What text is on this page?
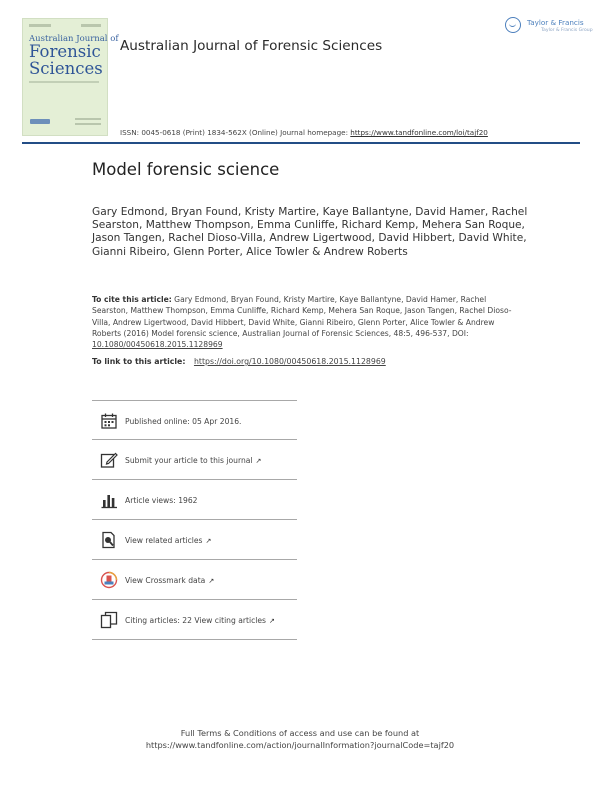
Australian Journal of
Forensic
Sciences
Australian Journal of Forensic Sciences
Taylor & Francis
Taylor & Francis Group
ISSN: 0045-0618 (Print) 1834-562X (Online) Journal homepage: https://www.tandfonline.com/loi/tajf20
Model forensic science
Gary Edmond, Bryan Found, Kristy Martire, Kaye Ballantyne, David Hamer, Rachel Searston, Matthew Thompson, Emma Cunliffe, Richard Kemp, Mehera San Roque, Jason Tangen, Rachel Dioso-Villa, Andrew Ligertwood, David Hibbert, David White, Gianni Ribeiro, Glenn Porter, Alice Towler & Andrew Roberts
To cite this article: Gary Edmond, Bryan Found, Kristy Martire, Kaye Ballantyne, David Hamer, Rachel Searston, Matthew Thompson, Emma Cunliffe, Richard Kemp, Mehera San Roque, Jason Tangen, Rachel Dioso-Villa, Andrew Ligertwood, David Hibbert, David White, Gianni Ribeiro, Glenn Porter, Alice Towler & Andrew Roberts (2016) Model forensic science, Australian Journal of Forensic Sciences, 48:5, 496-537, DOI: 10.1080/00450618.2015.1128969
To link to this article: https://doi.org/10.1080/00450618.2015.1128969
Published online: 05 Apr 2016.
Submit your article to this journal ↗
Article views: 1962
View related articles ↗
View Crossmark data ↗
Citing articles: 22 View citing articles ↗
Full Terms & Conditions of access and use can be found at
https://www.tandfonline.com/action/journalInformation?journalCode=tajf20
